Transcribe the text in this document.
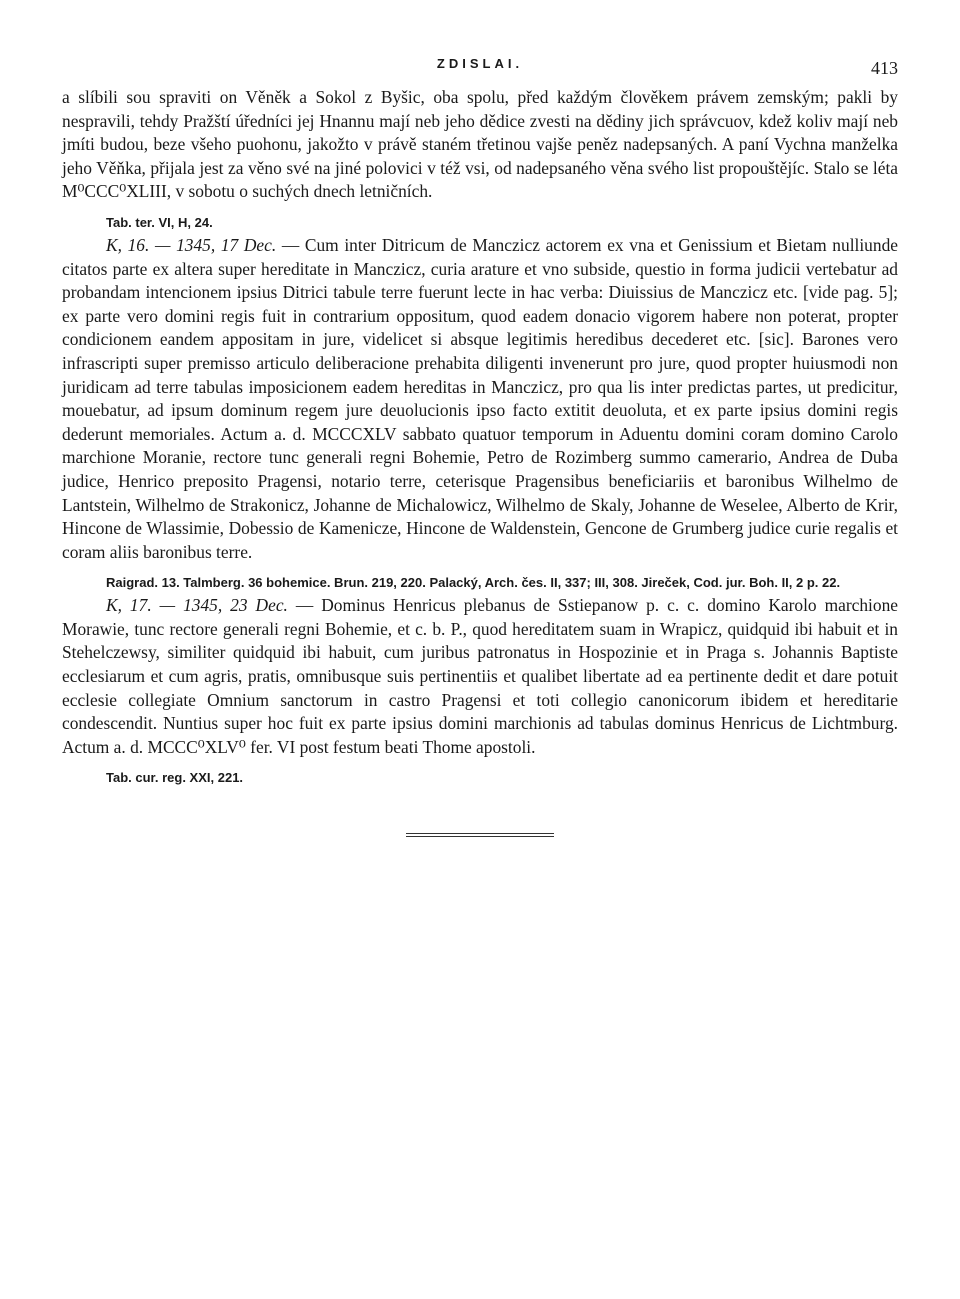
ZDISLAI.	413

a slíbili sou spraviti on Věněk a Sokol z Byšic, oba spolu, před každým člověkem právem zemským; pakli by nespravili, tehdy Pražští úředníci jej Hnannu mají neb jeho dědice zvesti na dědiny jich správcuov, kdež koliv mají neb jmíti budou, beze všeho puohonu, jakožto v právě staném třetinou vajše peněz nadepsaných. A paní Vychna manželka jeho Věňka, přijala jest za věno své na jiné polovici v též vsi, od nadepsaného věna svého list propouštějíc. Stalo se léta M⁰CCC⁰XLIII, v sobotu o suchých dnech letničních.

Tab. ter. VI, H, 24.

K, 16. — 1345, 17 Dec. — Cum inter Ditricum de Manczicz actorem ex vna et Genissium et Bietam nulliunde citatos parte ex altera super hereditate in Manczicz, curia arature et vno subside, questio in forma judicii vertebatur ad probandam intencionem ipsius Ditrici tabule terre fuerunt lecte in hac verba: Diuissius de Manczicz etc. [vide pag. 5]; ex parte vero domini regis fuit in contrarium oppositum, quod eadem donacio vigorem habere non poterat, propter condicionem eandem appositam in jure, videlicet si absque legitimis heredibus decederet etc. [sic]. Barones vero infrascripti super premisso articulo deliberacione prehabita diligenti invenerunt pro jure, quod propter huiusmodi non juridicam ad terre tabulas imposicionem eadem hereditas in Manczicz, pro qua lis inter predictas partes, ut predicitur, mouebatur, ad ipsum dominum regem jure deuolucionis ipso facto extitit deuoluta, et ex parte ipsius domini regis dederunt memoriales. Actum a. d. MCCCXLV sabbato quatuor temporum in Aduentu domini coram domino Carolo marchione Moranie, rectore tunc generali regni Bohemie, Petro de Rozimberg summo camerario, Andrea de Duba judice, Henrico preposito Pragensi, notario terre, ceterisque Pragensibus beneficiariis et baronibus Wilhelmo de Lantstein, Wilhelmo de Strakonicz, Johanne de Michalowicz, Wilhelmo de Skaly, Johanne de Weselee, Alberto de Krir, Hincone de Wlassimie, Dobessio de Kamenicze, Hincone de Waldenstein, Gencone de Grumberg judice curie regalis et coram aliis baronibus terre.

Raigrad. 13. Talmberg. 36 bohemice. Brun. 219, 220. Palacký, Arch. čes. II, 337; III, 308. Jireček, Cod. jur. Boh. II, 2 p. 22.

K, 17. — 1345, 23 Dec. — Dominus Henricus plebanus de Sstiepanow p. c. c. domino Karolo marchione Morawie, tunc rectore generali regni Bohemie, et c. b. P., quod hereditatem suam in Wrapicz, quidquid ibi habuit et in Stehelczewsy, similiter quidquid ibi habuit, cum juribus patronatus in Hospozinie et in Praga s. Johannis Baptiste ecclesiarum et cum agris, pratis, omnibusque suis pertinentiis et qualibet libertate ad ea pertinente dedit et dare potuit ecclesie collegiate Omnium sanctorum in castro Pragensi et toti collegio canonicorum ibidem et hereditarie condescendit. Nuntius super hoc fuit ex parte ipsius domini marchionis ad tabulas dominus Henricus de Lichtmburg. Actum a. d. MCCC⁰XLV⁰ fer. VI post festum beati Thome apostoli.

Tab. cur. reg. XXI, 221.
